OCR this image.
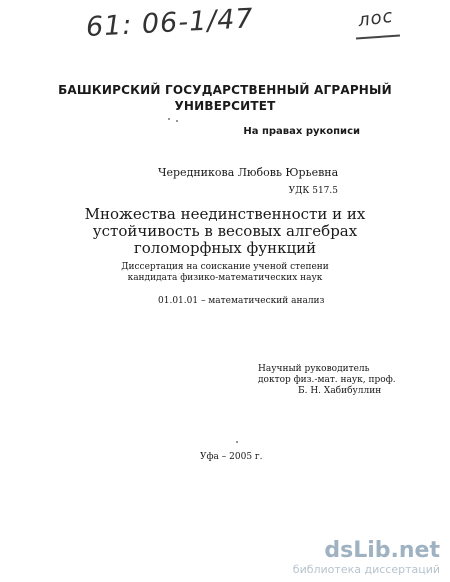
61: 06-1/47	лос
БАШКИРСКИЙ ГОСУДАРСТВЕННЫЙ АГРАРНЫЙ
УНИВЕРСИТЕТ
На правах рукописи
Чередникова Любовь Юрьевна
УДК 517.5
Множества неединственности и их
устойчивость в весовых алгебрах
голоморфных функций
Диссертация на соискание ученой степени
кандидата физико-математических наук
01.01.01 – математический анализ
Научный руководитель
доктор физ.-мат. наук, проф.
Б. Н. Хабибуллин
Уфа – 2005 г.
dsLib.net
библиотека диссертаций
